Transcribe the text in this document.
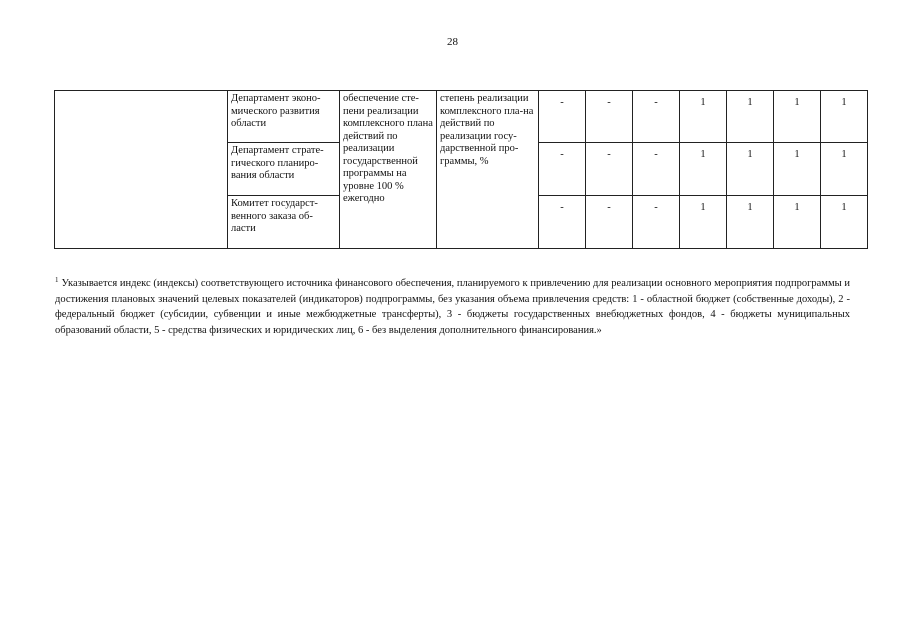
28
	Департамент эконо-мического развития области	обеспечение сте-пени реализации комплексного плана действий по реализации государственной программы на уровне 100 % ежегодно	степень реализации комплексного пла-на действий по реализации госу-дарственной про-граммы, %	-	-	-	1	1	1	1
	Департамент страте-гического планиро-вания области			-	-	-	1	1	1	1
	Комитет государст-венного заказа об-ласти			-	-	-	1	1	1	1
$^1$ Указывается индекс (индексы) соответствующего источника финансового обеспечения, планируемого к привлечению для реализации основного мероприятия подпрограммы и достижения плановых значений целевых показателей (индикаторов) подпрограммы, без указания объема привлечения средств: 1 - областной бюджет (собственные доходы), 2 - федеральный бюджет (субсидии, субвенции и иные межбюджетные трансферты), 3 - бюджеты государственных внебюджетных фондов, 4 - бюджеты муниципальных образований области, 5 - средства физических и юридических лиц, 6 - без выделения дополнительного финансирования.»
